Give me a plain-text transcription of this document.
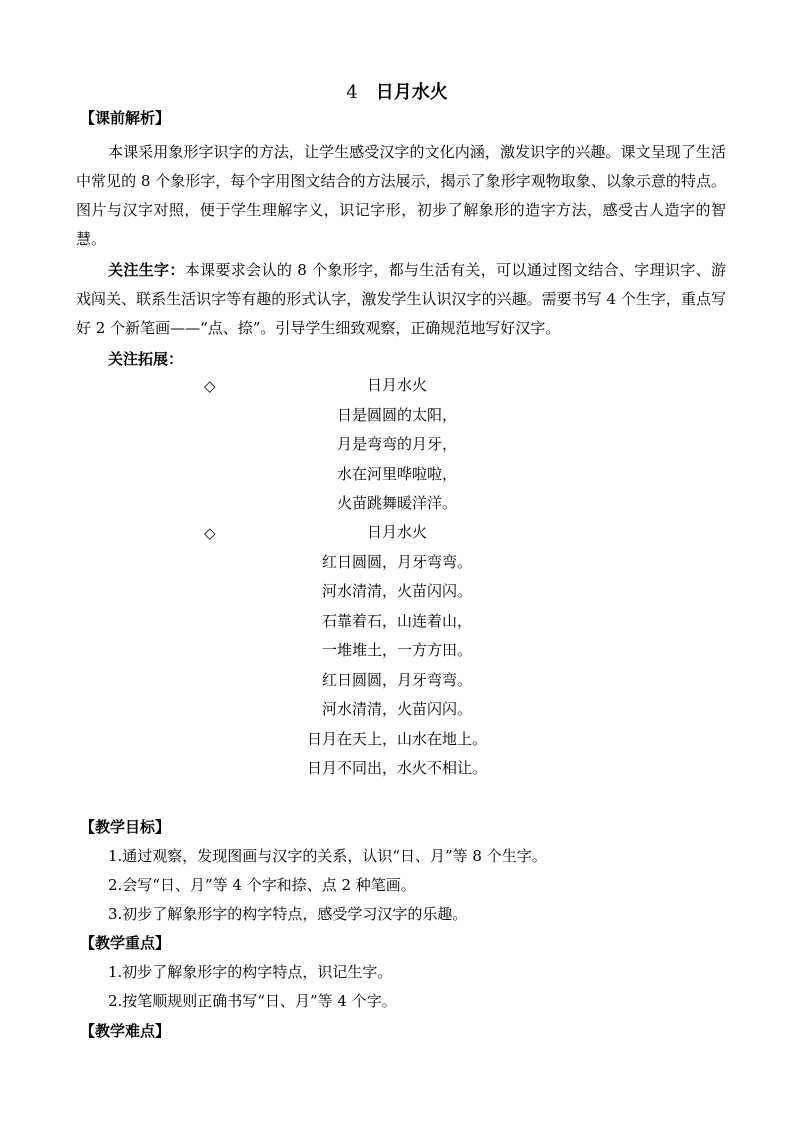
4 日月水火
【课前解析】
本课采用象形字识字的方法，让学生感受汉字的文化内涵，激发识字的兴趣。课文呈现了生活中常见的 8 个象形字，每个字用图文结合的方法展示，揭示了象形字观物取象、以象示意的特点。图片与汉字对照，便于学生理解字义，识记字形，初步了解象形的造字方法，感受古人造字的智慧。
关注生字：本课要求会认的 8 个象形字，都与生活有关，可以通过图文结合、字理识字、游戏闯关、联系生活识字等有趣的形式认字，激发学生认识汉字的兴趣。需要书写 4 个生字，重点写好 2 个新笔画——“点、捺”。引导学生细致观察，正确规范地写好汉字。
关注拓展：
◇	日月水火
日是圆圆的太阳，
月是弯弯的月牙，
水在河里哗啦啦，
火苗跳舞暖洋洋。
◇	日月水火
红日圆圆，月牙弯弯。
河水清清，火苗闪闪。
石靠着石，山连着山，
一堆堆土，一方方田。
红日圆圆，月牙弯弯。
河水清清，火苗闪闪。
日月在天上，山水在地上。
日月不同出，水火不相让。
【教学目标】
1.通过观察，发现图画与汉字的关系，认识“日、月”等 8 个生字。
2.会写“日、月”等 4 个字和捺、点 2 种笔画。
3.初步了解象形字的构字特点，感受学习汉字的乐趣。
【教学重点】
1.初步了解象形字的构字特点，识记生字。
2.按笔顺规则正确书写“日、月”等 4 个字。
【教学难点】
